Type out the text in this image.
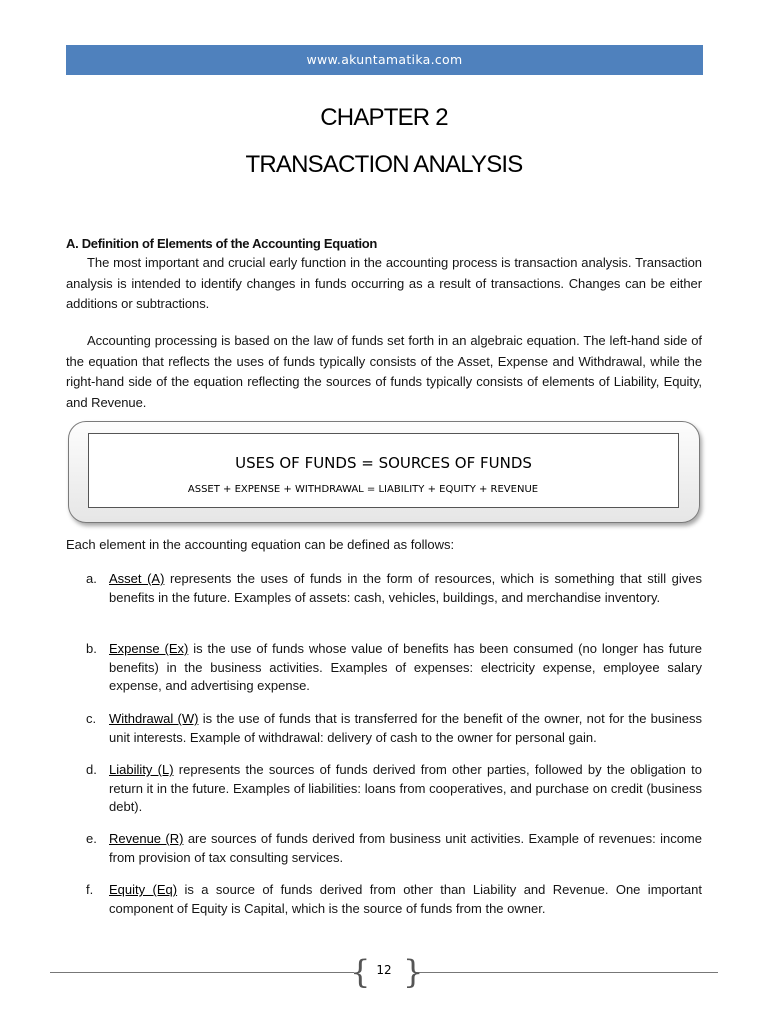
www.akuntamatika.com
CHAPTER 2
TRANSACTION ANALYSIS
A. Definition of Elements of the Accounting Equation

The most important and crucial early function in the accounting process is transaction analysis. Transaction analysis is intended to identify changes in funds occurring as a result of transactions. Changes can be either additions or subtractions.

Accounting processing is based on the law of funds set forth in an algebraic equation. The left-hand side of the equation that reflects the uses of funds typically consists of the Asset, Expense and Withdrawal, while the right-hand side of the equation reflecting the sources of funds typically consists of elements of Liability, Equity, and Revenue.

USES OF FUNDS = SOURCES OF FUNDS
ASSET + EXPENSE + WITHDRAWAL = LIABILITY + EQUITY + REVENUE

Each element in the accounting equation can be defined as follows:

a. Asset (A) represents the uses of funds in the form of resources, which is something that still gives benefits in the future. Examples of assets: cash, vehicles, buildings, and merchandise inventory.

b. Expense (Ex) is the use of funds whose value of benefits has been consumed (no longer has future benefits) in the business activities. Examples of expenses: electricity expense, employee salary expense, and advertising expense.

c. Withdrawal (W) is the use of funds that is transferred for the benefit of the owner, not for the business unit interests. Example of withdrawal: delivery of cash to the owner for personal gain.

d. Liability (L) represents the sources of funds derived from other parties, followed by the obligation to return it in the future. Examples of liabilities: loans from cooperatives, and purchase on credit (business debt).

e. Revenue (R) are sources of funds derived from business unit activities. Example of revenues: income from provision of tax consulting services.

f. Equity (Eq) is a source of funds derived from other than Liability and Revenue. One important component of Equity is Capital, which is the source of funds from the owner.

{ }
12
